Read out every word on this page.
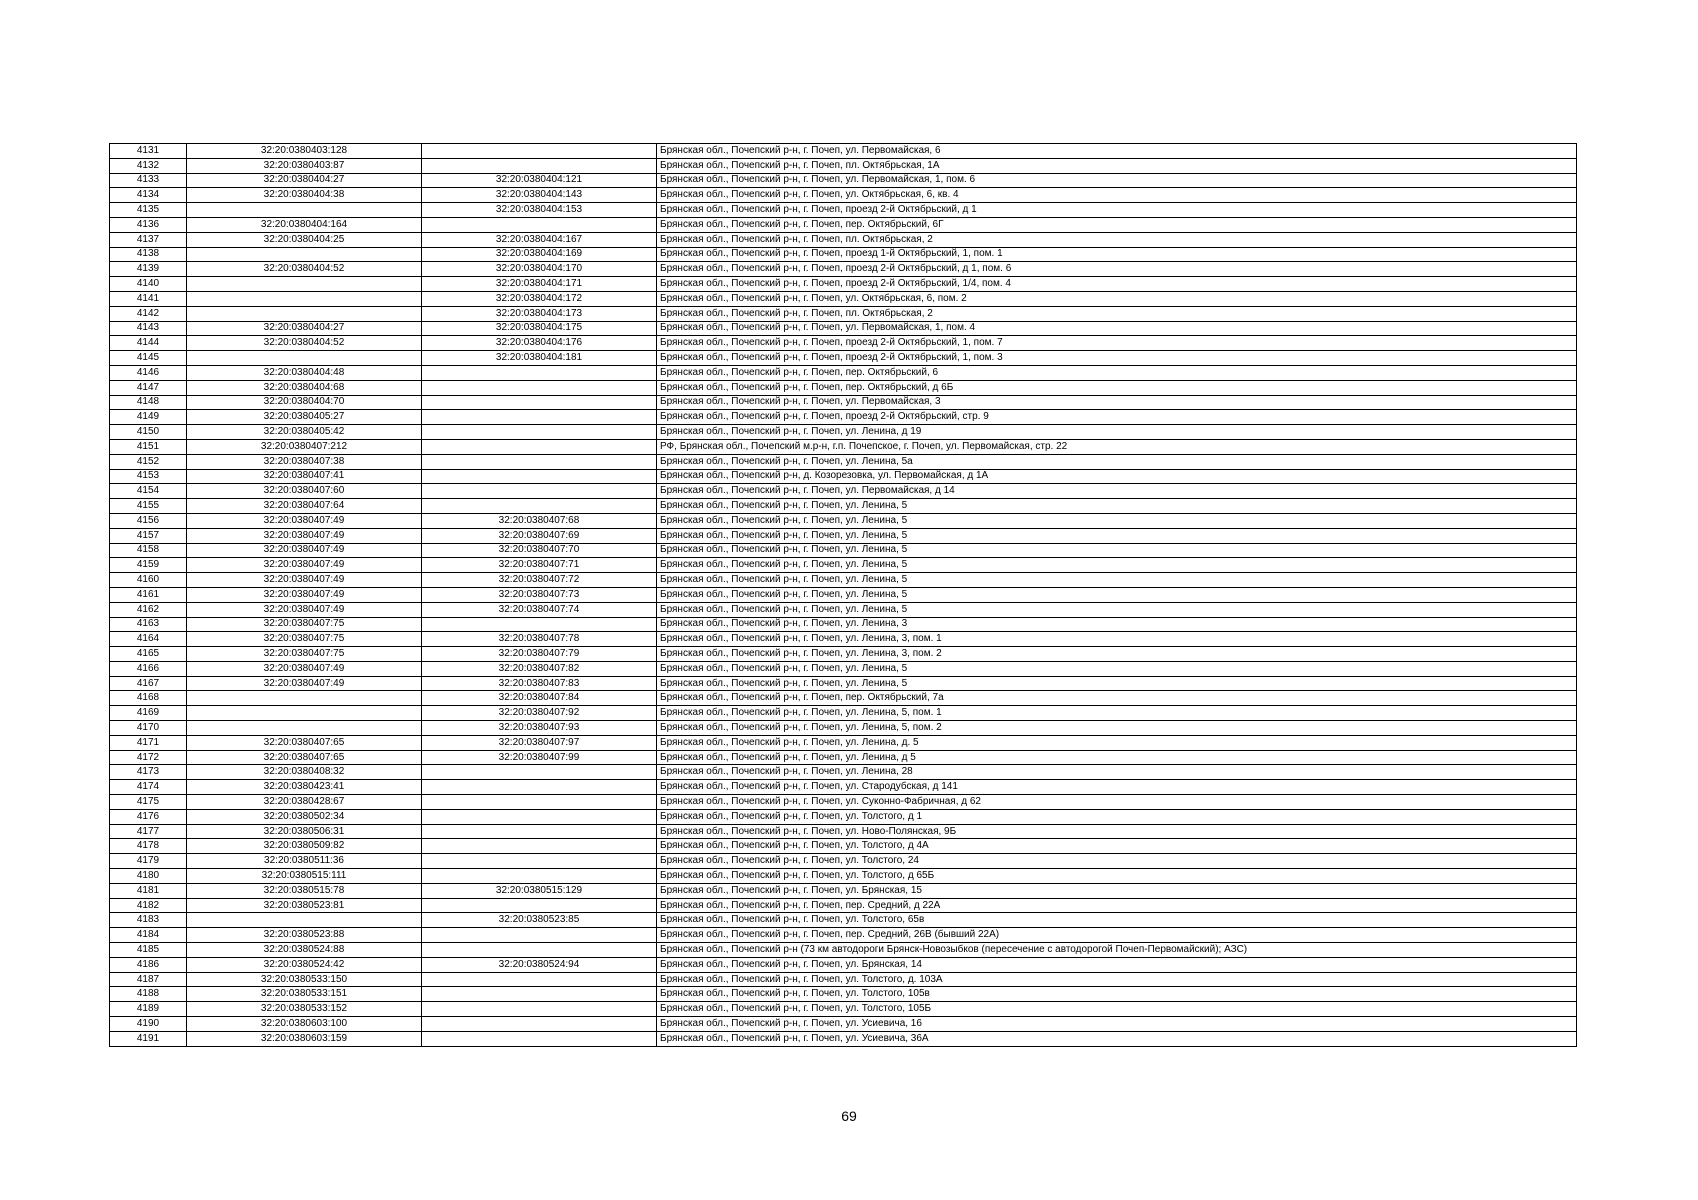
4131	32:20:0380403:128		Брянская обл., Почепский р-н, г. Почеп, ул. Первомайская, 6
4132	32:20:0380403:87		Брянская обл., Почепский р-н, г. Почеп, пл. Октябрьская, 1А
4133	32:20:0380404:27	32:20:0380404:121	Брянская обл., Почепский р-н, г. Почеп, ул. Первомайская, 1, пом. 6
4134	32:20:0380404:38	32:20:0380404:143	Брянская обл., Почепский р-н, г. Почеп, ул. Октябрьская, 6, кв. 4
4135		32:20:0380404:153	Брянская обл., Почепский р-н, г. Почеп, проезд 2-й Октябрьский, д 1
4136	32:20:0380404:164		Брянская обл., Почепский р-н, г. Почеп, пер. Октябрьский, 6Г
4137	32:20:0380404:25	32:20:0380404:167	Брянская обл., Почепский р-н, г. Почеп, пл. Октябрьская, 2
4138		32:20:0380404:169	Брянская обл., Почепский р-н, г. Почеп, проезд 1-й Октябрьский, 1, пом. 1
4139	32:20:0380404:52	32:20:0380404:170	Брянская обл., Почепский р-н, г. Почеп, проезд 2-й Октябрьский, д 1, пом. 6
4140		32:20:0380404:171	Брянская обл., Почепский р-н, г. Почеп, проезд 2-й Октябрьский, 1/4, пом. 4
4141		32:20:0380404:172	Брянская обл., Почепский р-н, г. Почеп, ул. Октябрьская, 6, пом. 2
4142		32:20:0380404:173	Брянская обл., Почепский р-н, г. Почеп, пл. Октябрьская, 2
4143	32:20:0380404:27	32:20:0380404:175	Брянская обл., Почепский р-н, г. Почеп, ул. Первомайская, 1, пом. 4
4144	32:20:0380404:52	32:20:0380404:176	Брянская обл., Почепский р-н, г. Почеп, проезд 2-й Октябрьский, 1, пом. 7
4145		32:20:0380404:181	Брянская обл., Почепский р-н, г. Почеп, проезд 2-й Октябрьский, 1, пом. 3
4146	32:20:0380404:48		Брянская обл., Почепский р-н, г. Почеп, пер. Октябрьский, 6
4147	32:20:0380404:68		Брянская обл., Почепский р-н, г. Почеп, пер. Октябрьский, д 6Б
4148	32:20:0380404:70		Брянская обл., Почепский р-н, г. Почеп, ул. Первомайская, 3
4149	32:20:0380405:27		Брянская обл., Почепский р-н, г. Почеп, проезд 2-й Октябрьский, стр. 9
4150	32:20:0380405:42		Брянская обл., Почепский р-н, г. Почеп, ул. Ленина, д 19
4151	32:20:0380407:212		РФ, Брянская обл., Почепский м.р-н, г.п. Почепское, г. Почеп, ул. Первомайская, стр. 22
4152	32:20:0380407:38		Брянская обл., Почепский р-н, г. Почеп, ул. Ленина, 5а
4153	32:20:0380407:41		Брянская обл., Почепский р-н, д. Козорезовка, ул. Первомайская, д 1А
4154	32:20:0380407:60		Брянская обл., Почепский р-н, г. Почеп, ул. Первомайская, д 14
4155	32:20:0380407:64		Брянская обл., Почепский р-н, г. Почеп, ул. Ленина, 5
4156	32:20:0380407:49	32:20:0380407:68	Брянская обл., Почепский р-н, г. Почеп, ул. Ленина, 5
4157	32:20:0380407:49	32:20:0380407:69	Брянская обл., Почепский р-н, г. Почеп, ул. Ленина, 5
4158	32:20:0380407:49	32:20:0380407:70	Брянская обл., Почепский р-н, г. Почеп, ул. Ленина, 5
4159	32:20:0380407:49	32:20:0380407:71	Брянская обл., Почепский р-н, г. Почеп, ул. Ленина, 5
4160	32:20:0380407:49	32:20:0380407:72	Брянская обл., Почепский р-н, г. Почеп, ул. Ленина, 5
4161	32:20:0380407:49	32:20:0380407:73	Брянская обл., Почепский р-н, г. Почеп, ул. Ленина, 5
4162	32:20:0380407:49	32:20:0380407:74	Брянская обл., Почепский р-н, г. Почеп, ул. Ленина, 5
4163	32:20:0380407:75		Брянская обл., Почепский р-н, г. Почеп, ул. Ленина, 3
4164	32:20:0380407:75	32:20:0380407:78	Брянская обл., Почепский р-н, г. Почеп, ул. Ленина, 3, пом. 1
4165	32:20:0380407:75	32:20:0380407:79	Брянская обл., Почепский р-н, г. Почеп, ул. Ленина, 3, пом. 2
4166	32:20:0380407:49	32:20:0380407:82	Брянская обл., Почепский р-н, г. Почеп, ул. Ленина, 5
4167	32:20:0380407:49	32:20:0380407:83	Брянская обл., Почепский р-н, г. Почеп, ул. Ленина, 5
4168		32:20:0380407:84	Брянская обл., Почепский р-н, г. Почеп, пер. Октябрьский, 7а
4169		32:20:0380407:92	Брянская обл., Почепский р-н, г. Почеп, ул. Ленина, 5, пом. 1
4170		32:20:0380407:93	Брянская обл., Почепский р-н, г. Почеп, ул. Ленина, 5, пом. 2
4171	32:20:0380407:65	32:20:0380407:97	Брянская обл., Почепский р-н, г. Почеп, ул. Ленина, д. 5
4172	32:20:0380407:65	32:20:0380407:99	Брянская обл., Почепский р-н, г. Почеп, ул. Ленина, д 5
4173	32:20:0380408:32		Брянская обл., Почепский р-н, г. Почеп, ул. Ленина, 28
4174	32:20:0380423:41		Брянская обл., Почепский р-н, г. Почеп, ул. Стародубская, д 141
4175	32:20:0380428:67		Брянская обл., Почепский р-н, г. Почеп, ул. Суконно-Фабричная, д 62
4176	32:20:0380502:34		Брянская обл., Почепский р-н, г. Почеп, ул. Толстого, д 1
4177	32:20:0380506:31		Брянская обл., Почепский р-н, г. Почеп, ул. Ново-Полянская, 9Б
4178	32:20:0380509:82		Брянская обл., Почепский р-н, г. Почеп, ул. Толстого, д 4А
4179	32:20:0380511:36		Брянская обл., Почепский р-н, г. Почеп, ул. Толстого, 24
4180	32:20:0380515:111		Брянская обл., Почепский р-н, г. Почеп, ул. Толстого, д 65Б
4181	32:20:0380515:78	32:20:0380515:129	Брянская обл., Почепский р-н, г. Почеп, ул. Брянская, 15
4182	32:20:0380523:81		Брянская обл., Почепский р-н, г. Почеп, пер. Средний, д 22А
4183		32:20:0380523:85	Брянская обл., Почепский р-н, г. Почеп, ул. Толстого, 65в
4184	32:20:0380523:88		Брянская обл., Почепский р-н, г. Почеп, пер. Средний, 26В (бывший 22А)
4185	32:20:0380524:88		Брянская обл., Почепский р-н (73 км автодороги Брянск-Новозыбков (пересечение с автодорогой Почеп-Первомайский); АЗС)
4186	32:20:0380524:42	32:20:0380524:94	Брянская обл., Почепский р-н, г. Почеп, ул. Брянская, 14
4187	32:20:0380533:150		Брянская обл., Почепский р-н, г. Почеп, ул. Толстого, д. 103А
4188	32:20:0380533:151		Брянская обл., Почепский р-н, г. Почеп, ул. Толстого, 105в
4189	32:20:0380533:152		Брянская обл., Почепский р-н, г. Почеп, ул. Толстого, 105Б
4190	32:20:0380603:100		Брянская обл., Почепский р-н, г. Почеп, ул. Усиевича, 16
4191	32:20:0380603:159		Брянская обл., Почепский р-н, г. Почеп, ул. Усиевича, 36А
69
